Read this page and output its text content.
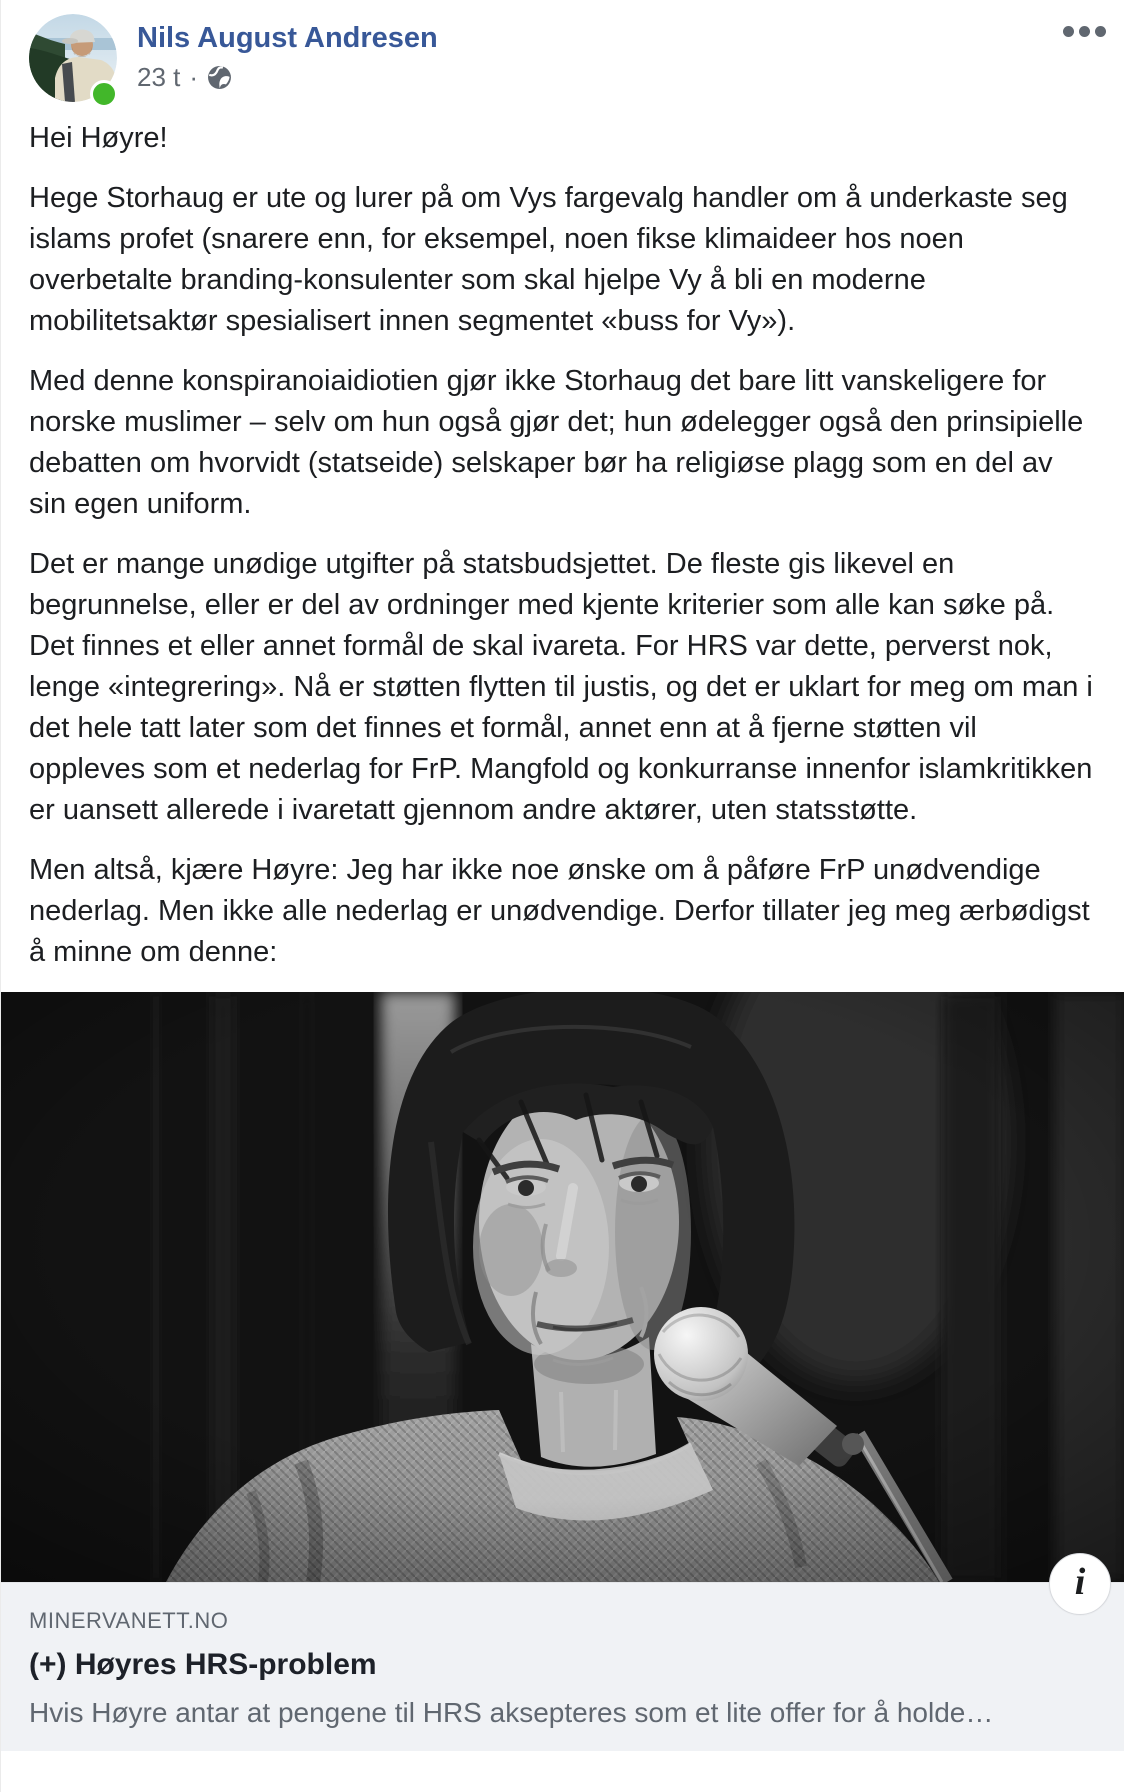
Nils August Andresen
23 t ·

Hei Høyre!

Hege Storhaug er ute og lurer på om Vys fargevalg handler om å underkaste seg islams profet (snarere enn, for eksempel, noen fikse klimaideer hos noen overbetalte branding-konsulenter som skal hjelpe Vy å bli en moderne mobilitetsaktør spesialisert innen segmentet «buss for Vy»).

Med denne konspiranoiaidiotien gjør ikke Storhaug det bare litt vanskeligere for norske muslimer – selv om hun også gjør det; hun ødelegger også den prinsipielle debatten om hvorvidt (statseide) selskaper bør ha religiøse plagg som en del av sin egen uniform.

Det er mange unødige utgifter på statsbudsjettet. De fleste gis likevel en begrunnelse, eller er del av ordninger med kjente kriterier som alle kan søke på. Det finnes et eller annet formål de skal ivareta. For HRS var dette, perverst nok, lenge «integrering». Nå er støtten flytten til justis, og det er uklart for meg om man i det hele tatt later som det finnes et formål, annet enn at å fjerne støtten vil oppleves som et nederlag for FrP. Mangfold og konkurranse innenfor islamkritikken er uansett allerede i ivaretatt gjennom andre aktører, uten statsstøtte.

Men altså, kjære Høyre: Jeg har ikke noe ønske om å påføre FrP unødvendige nederlag. Men ikke alle nederlag er unødvendige. Derfor tillater jeg meg ærbødigst å minne om denne:

i
MINERVANETT.NO
(+) Høyres HRS-problem
Hvis Høyre antar at pengene til HRS aksepteres som et lite offer for å holde…
